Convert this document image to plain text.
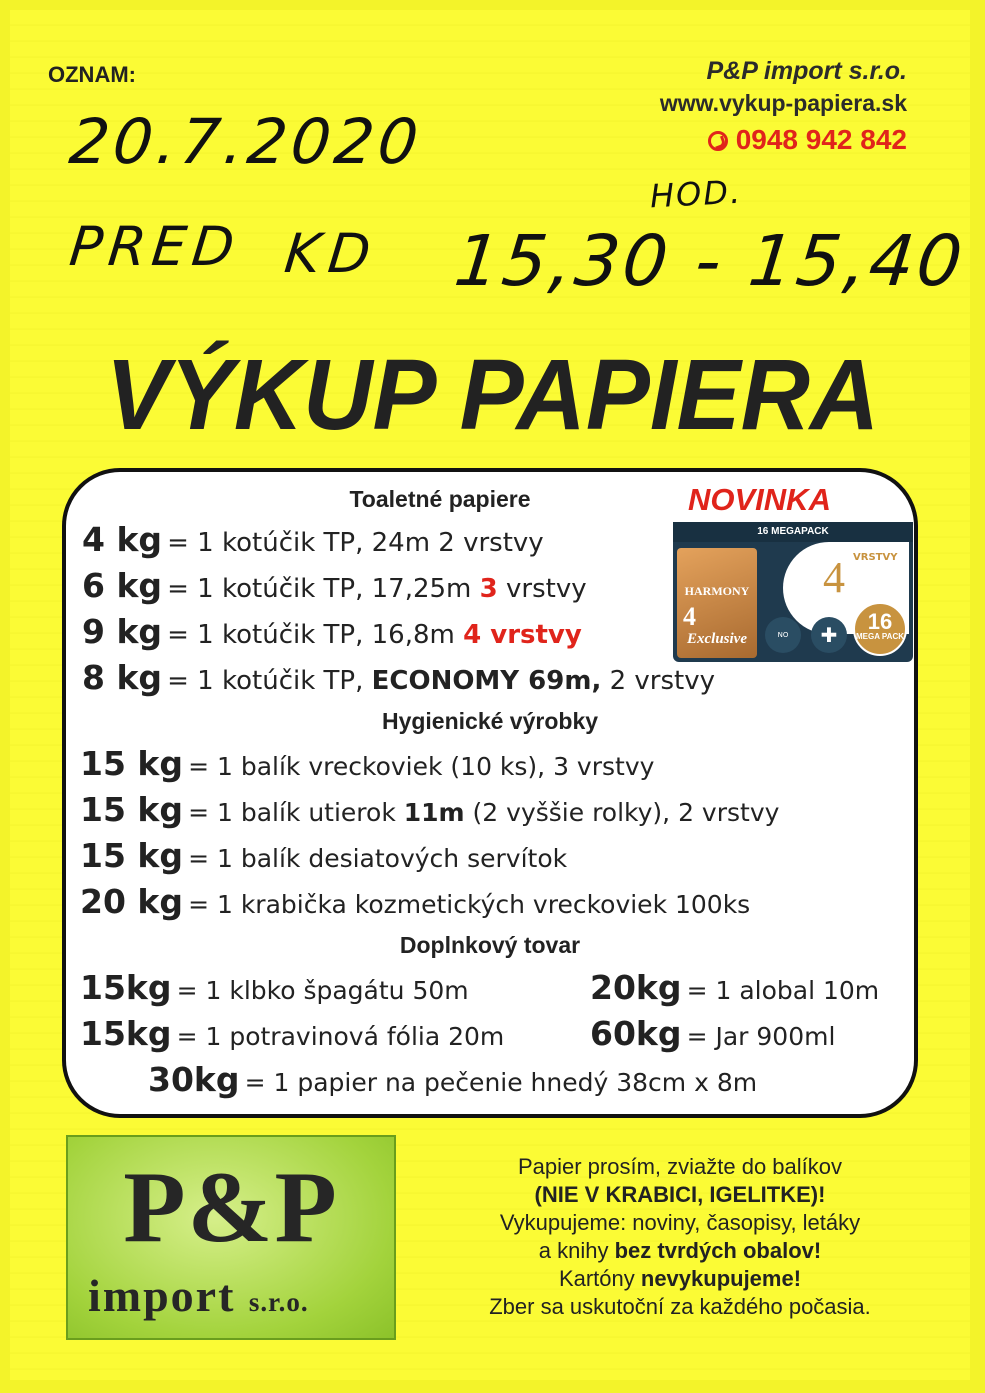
OZNAM:	P&P import s.r.o.
www.vykup-papiera.sk
0948 942 842
20.7.2020
HOD.
PRED KD 15,30 - 15,40
VÝKUP PAPIERA
Toaletné papiere	NOVINKA
16 MEGAPACK
HARMONY
4
Exclusive
4 VRSTVY
NO PERFUME
✚
16
MEGA PACK
4 kg = 1 kotúčik TP, 24m 2 vrstvy
6 kg = 1 kotúčik TP, 17,25m 3 vrstvy
9 kg = 1 kotúčik TP, 16,8m 4 vrstvy
8 kg = 1 kotúčik TP, ECONOMY 69m, 2 vrstvy
Hygienické výrobky
15 kg = 1 balík vreckoviek (10 ks), 3 vrstvy
15 kg = 1 balík utierok 11m (2 vyššie rolky), 2 vrstvy
15 kg = 1 balík desiatových servítok
20 kg = 1 krabička kozmetických vreckoviek 100ks
Doplnkový tovar
15kg = 1 klbko špagátu 50m	20kg = 1 alobal 10m
15kg = 1 potravinová fólia 20m	60kg = Jar 900ml
30kg = 1 papier na pečenie hnedý 38cm x 8m
P&P
import s.r.o.
Papier prosím, zviažte do balíkov
(NIE V KRABICI, IGELITKE)!
Vykupujeme: noviny, časopisy, letáky
a knihy bez tvrdých obalov!
Kartóny nevykupujeme!
Zber sa uskutoční za každého počasia.
